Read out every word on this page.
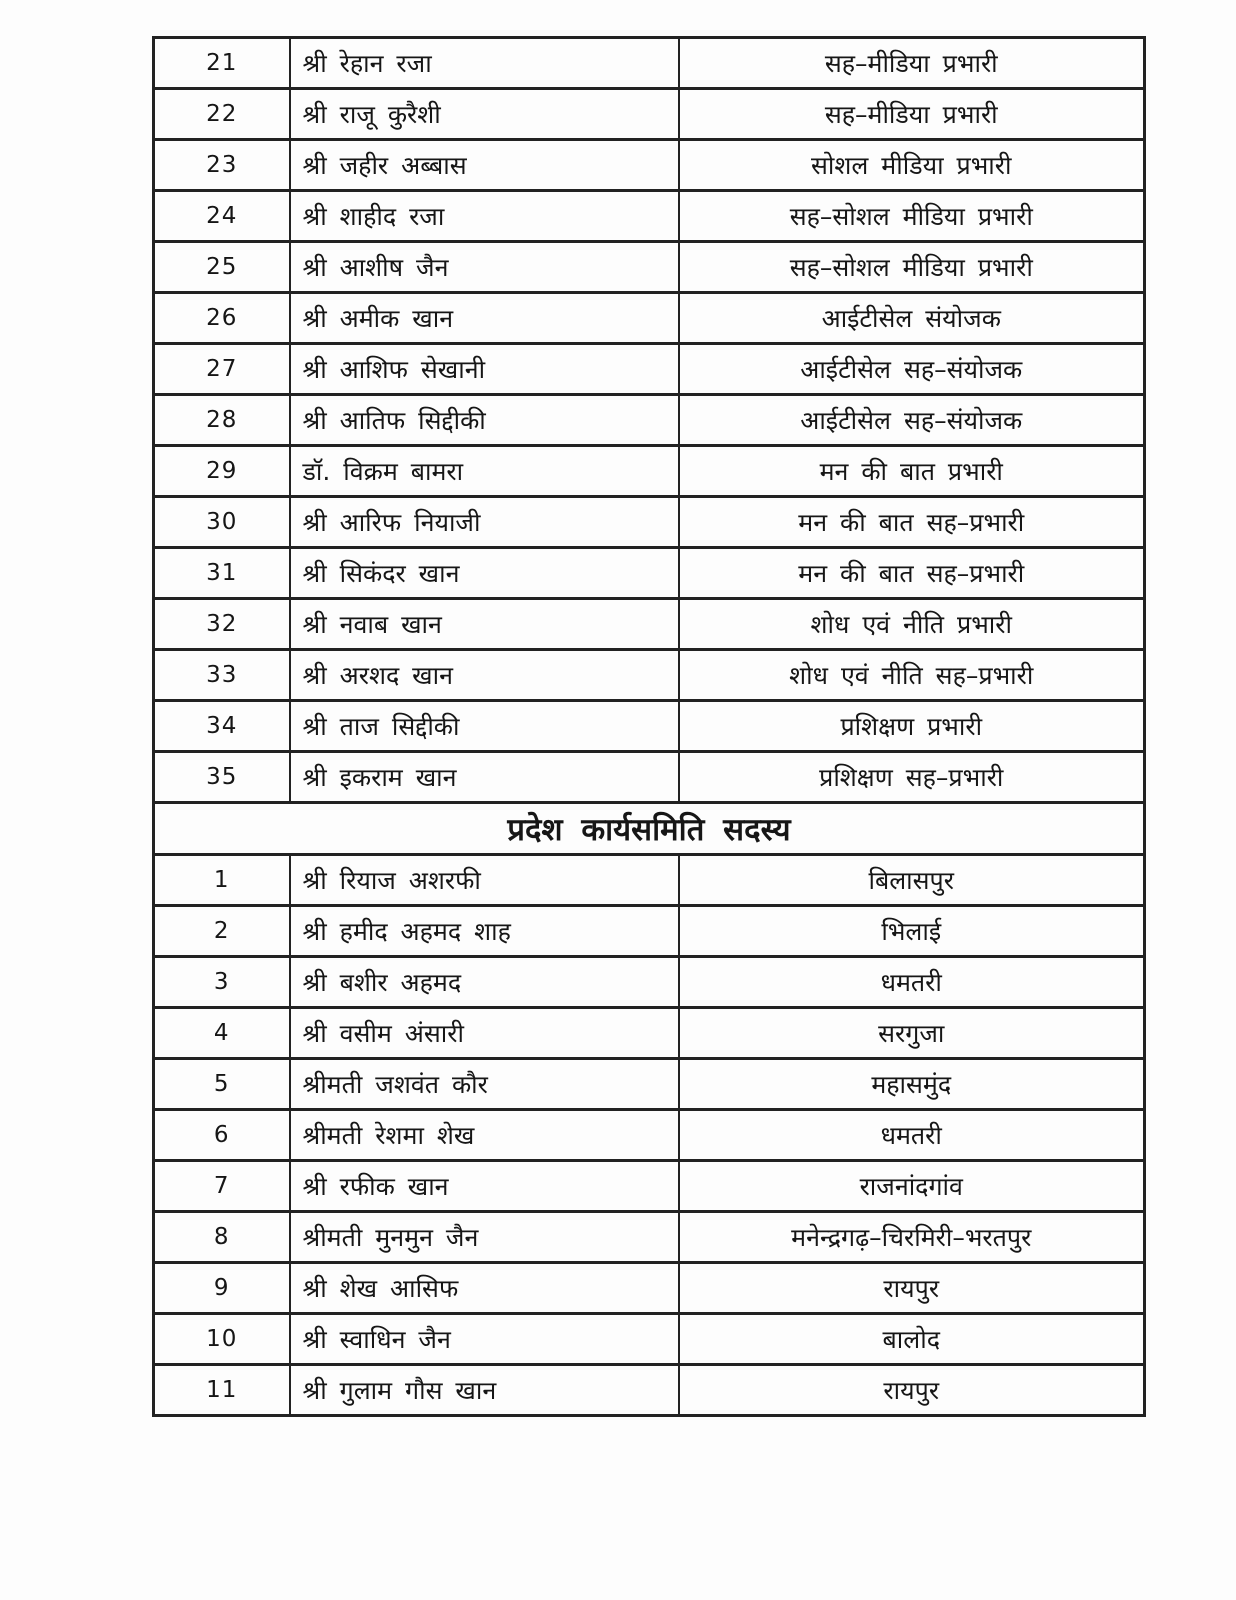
21	श्री रेहान रजा	सह–मीडिया प्रभारी
22	श्री राजू कुरैशी	सह–मीडिया प्रभारी
23	श्री जहीर अब्बास	सोशल मीडिया प्रभारी
24	श्री शाहीद रजा	सह–सोशल मीडिया प्रभारी
25	श्री आशीष जैन	सह–सोशल मीडिया प्रभारी
26	श्री अमीक खान	आईटीसेल संयोजक
27	श्री आशिफ सेखानी	आईटीसेल सह–संयोजक
28	श्री आतिफ सिद्दीकी	आईटीसेल सह–संयोजक
29	डॉ. विक्रम बामरा	मन की बात प्रभारी
30	श्री आरिफ नियाजी	मन की बात सह–प्रभारी
31	श्री सिकंदर खान	मन की बात सह–प्रभारी
32	श्री नवाब खान	शोध एवं नीति प्रभारी
33	श्री अरशद खान	शोध एवं नीति सह–प्रभारी
34	श्री ताज सिद्दीकी	प्रशिक्षण प्रभारी
35	श्री इकराम खान	प्रशिक्षण सह–प्रभारी
प्रदेश कार्यसमिति सदस्य		
1	श्री रियाज अशरफी	बिलासपुर
2	श्री हमीद अहमद शाह	भिलाई
3	श्री बशीर अहमद	धमतरी
4	श्री वसीम अंसारी	सरगुजा
5	श्रीमती जशवंत कौर	महासमुंद
6	श्रीमती रेशमा शेख	धमतरी
7	श्री रफीक खान	राजनांदगांव
8	श्रीमती मुनमुन जैन	मनेन्द्रगढ़–चिरमिरी–भरतपुर
9	श्री शेख आसिफ	रायपुर
10	श्री स्वाधिन जैन	बालोद
11	श्री गुलाम गौस खान	रायपुर
